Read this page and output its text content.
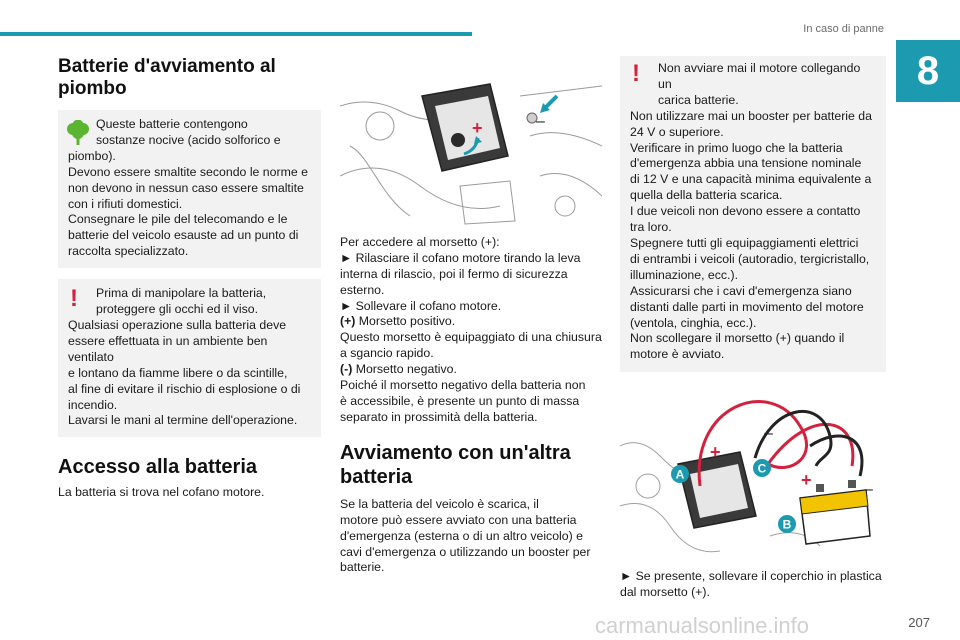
In caso di panne
8
Batterie d'avviamento al piombo

Queste batterie contengono

sostanze nocive (acido solforico e

piombo).

Devono essere smaltite secondo le norme e

non devono in nessun caso essere smaltite

con i rifiuti domestici.

Consegnare le pile del telecomando e le

batterie del veicolo esauste ad un punto di

raccolta specializzato.

!	Prima di manipolare la batteria,

proteggere gli occhi ed il viso.

Qualsiasi operazione sulla batteria deve

essere effettuata in un ambiente ben ventilato

e lontano da fiamme libere o da scintille,

al fine di evitare il rischio di esplosione o di

incendio.

Lavarsi le mani al termine dell'operazione.

Accesso alla batteria

La batteria si trova nel cofano motore.

+	–

Per accedere al morsetto (+):

► Rilasciare il cofano motore tirando la leva

interna di rilascio, poi il fermo di sicurezza

esterno.

► Sollevare il cofano motore.

(+) Morsetto positivo.

Questo morsetto è equipaggiato di una chiusura

a sgancio rapido.

(-) Morsetto negativo.

Poiché il morsetto negativo della batteria non

è accessibile, è presente un punto di massa

separato in prossimità della batteria.

Avviamento con un'altra
batteria

Se la batteria del veicolo è scarica, il

motore può essere avviato con una batteria

d'emergenza (esterna o di un altro veicolo) e

cavi d'emergenza o utilizzando un booster per

batterie.

!	Non avviare mai il motore collegando un

carica batterie.

Non utilizzare mai un booster per batterie da

24 V o superiore.

Verificare in primo luogo che la batteria

d'emergenza abbia una tensione nominale

di 12 V e una capacità minima equivalente a

quella della batteria scarica.

I due veicoli non devono essere a contatto

tra loro.

Spegnere tutti gli equipaggiamenti elettrici

di entrambi i veicoli (autoradio, tergicristallo,

illuminazione, ecc.).

Assicurarsi che i cavi d'emergenza siano

distanti dalle parti in movimento del motore

(ventola, cinghia, ecc.).

Non scollegare il morsetto (+) quando il

motore è avviato.

+	–
+
–
A	C
B

► Se presente, sollevare il coperchio in plastica

dal morsetto (+).

carmanualsonline.info	207
